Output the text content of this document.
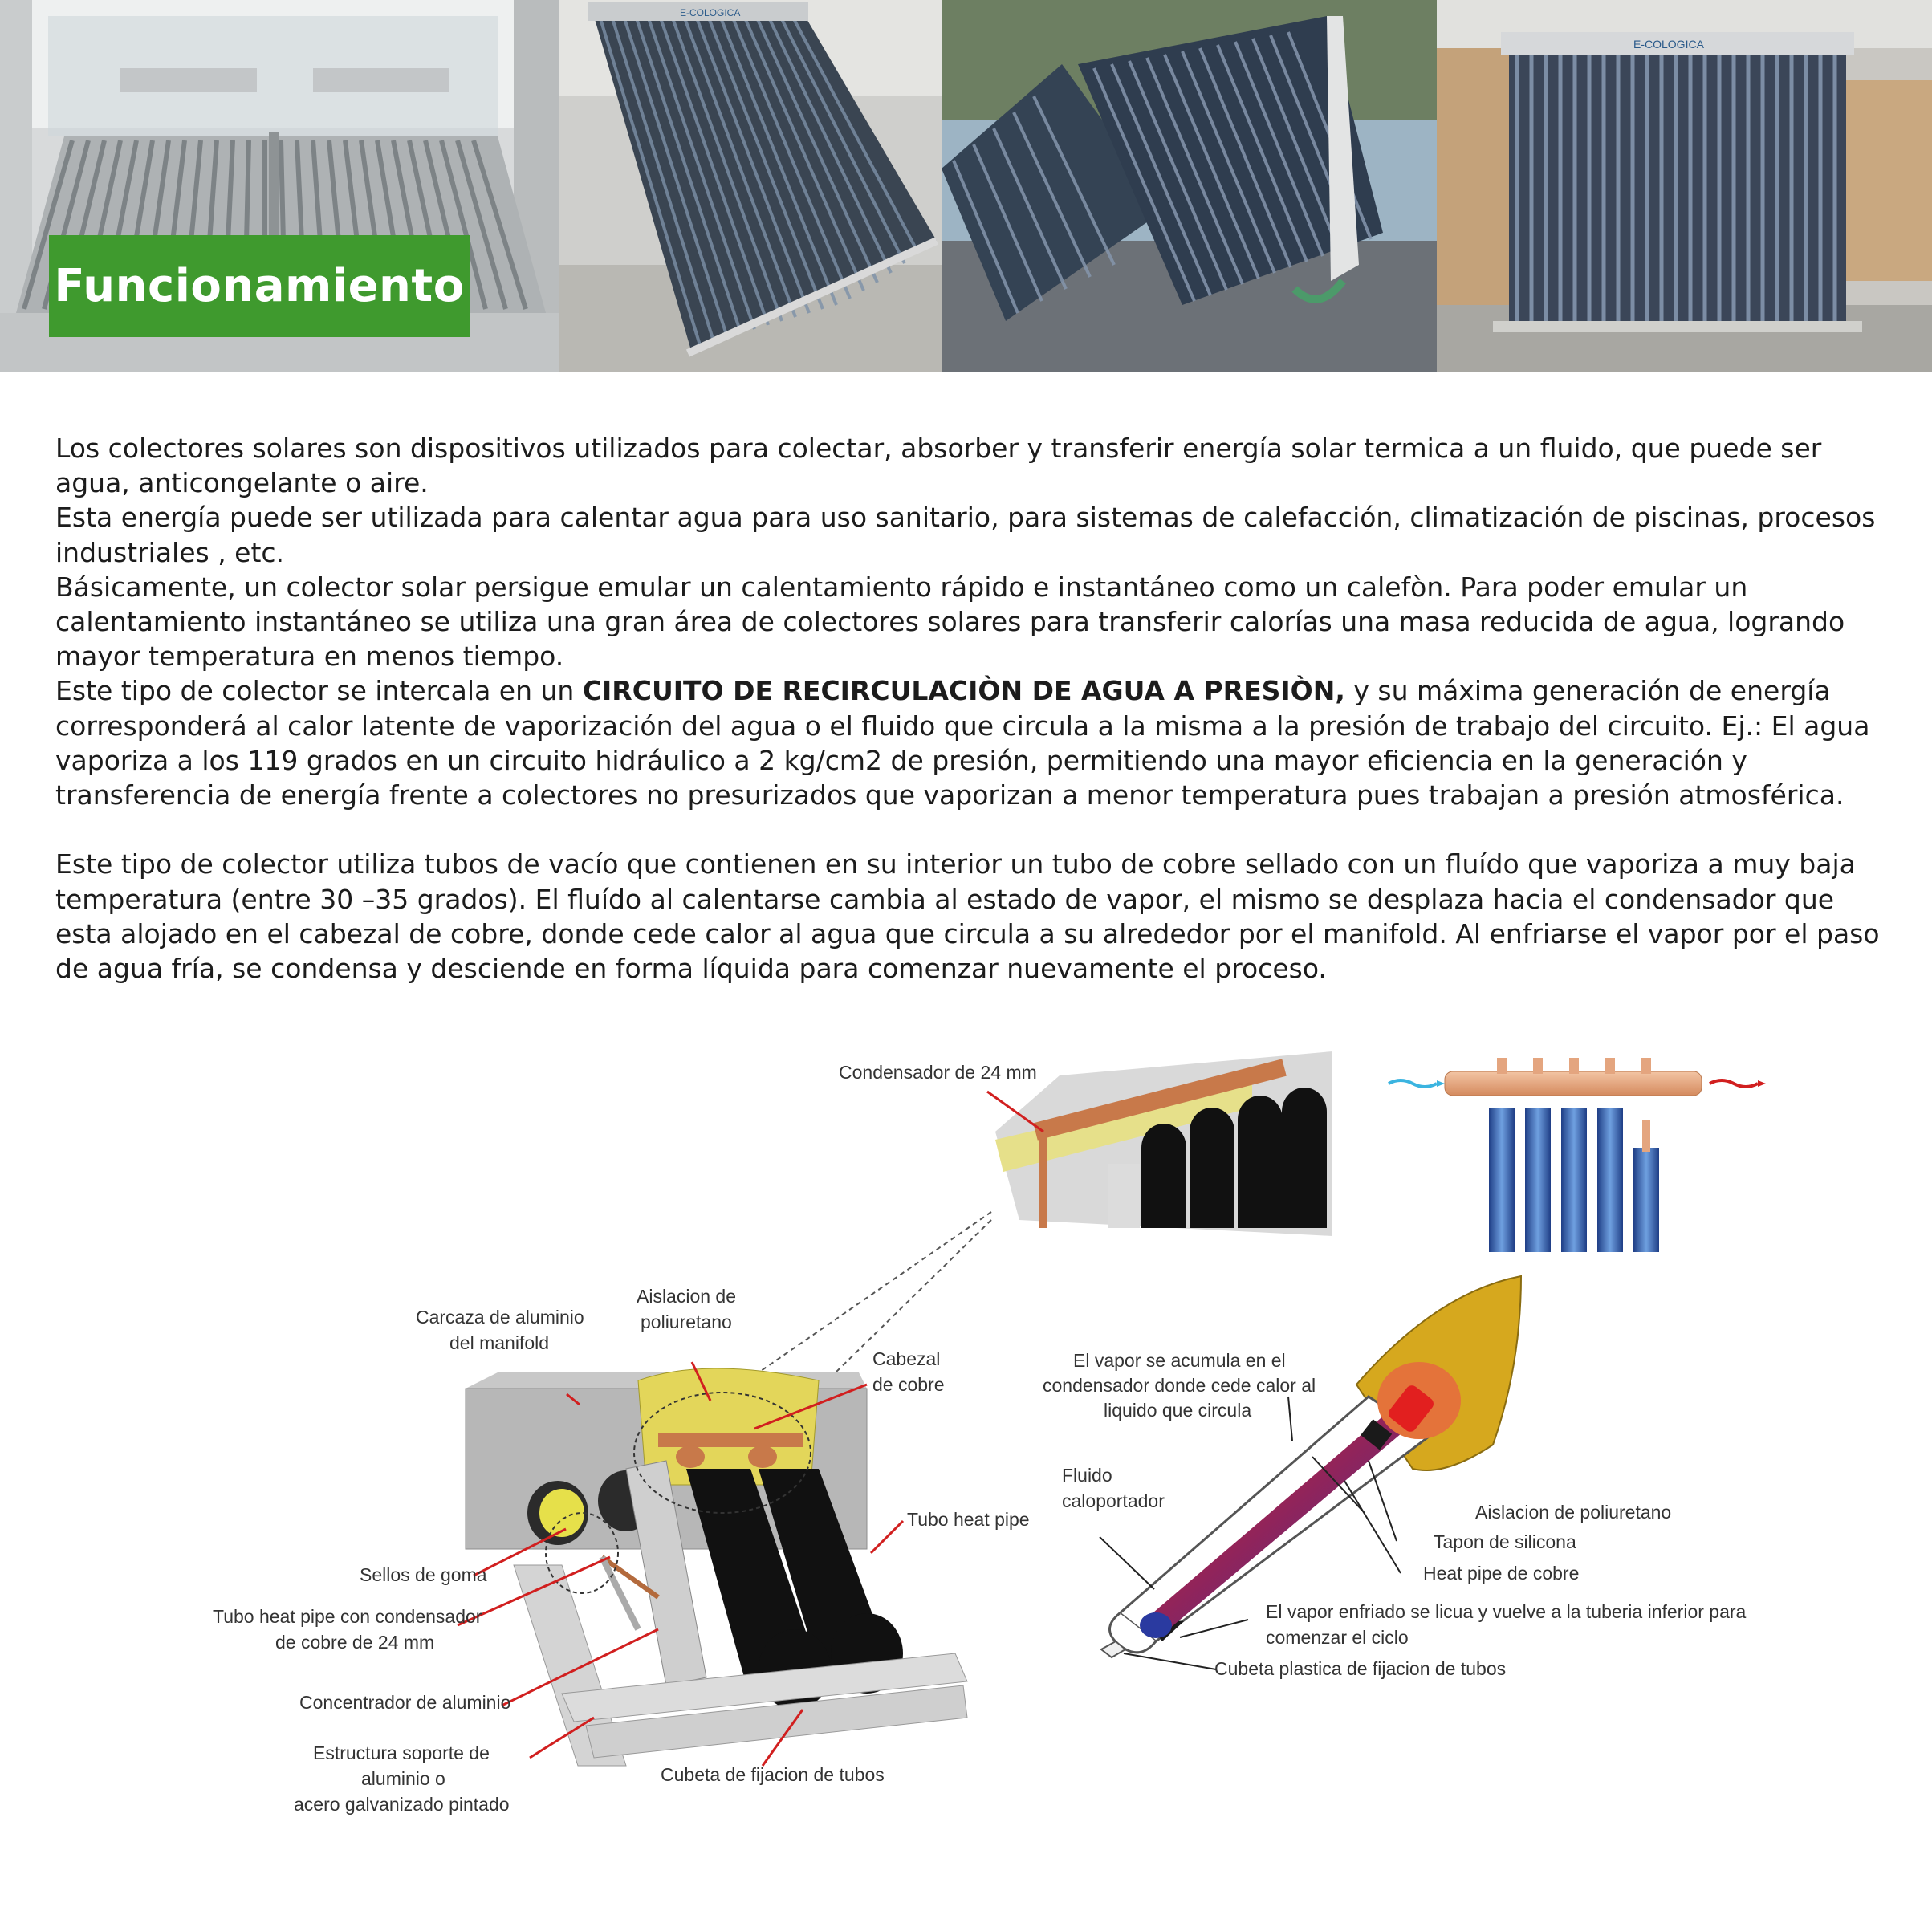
E-COLOGICA
E-COLOGICA
Funcionamiento

Los colectores solares son dispositivos utilizados para colectar, absorber y transferir energía solar termica a un fluido, que puede ser agua, anticongelante o aire.

Esta energía puede ser utilizada para calentar agua para uso sanitario, para sistemas de calefacción, climatización de piscinas, procesos industriales , etc.

Básicamente, un colector solar persigue emular un calentamiento rápido e instantáneo como un calefòn. Para poder emular un calentamiento instantáneo se utiliza una gran área de colectores solares para transferir calorías una masa reducida de agua, logrando mayor temperatura en menos tiempo.

Este tipo de colector se intercala en un CIRCUITO DE RECIRCULACIÒN DE AGUA A PRESIÒN, y su máxima generación de energía corresponderá al calor latente de vaporización del agua o el fluido que circula a la misma a la presión de trabajo del circuito. Ej.: El agua vaporiza a los 119 grados en un circuito hidráulico a 2 kg/cm2 de presión, permitiendo una mayor eficiencia en la generación y transferencia de energía frente a colectores no presurizados que vaporizan a menor temperatura pues trabajan a presión atmosférica.

Este tipo de colector utiliza tubos de vacío que contienen en su interior un tubo de cobre sellado con un fluído que vaporiza a muy baja temperatura (entre 30 –35 grados). El fluído al calentarse cambia al estado de vapor, el mismo se desplaza hacia el condensador que esta alojado en el cabezal de cobre, donde cede calor al agua que circula a su alrededor por el manifold. Al enfriarse el vapor por el paso de agua fría, se condensa y desciende en forma líquida para comenzar nuevamente el proceso.

Condensador de 24 mm
Carcaza de aluminio
del manifold
Aislacion de
poliuretano
Cabezal
de cobre
Tubo heat pipe
Sellos de goma
Tubo heat pipe con condensador
de cobre de 24 mm
Concentrador de aluminio
Estructura soporte de
aluminio o
acero galvanizado pintado
Cubeta de fijacion de tubos
El vapor se acumula en el
condensador donde cede calor al
liquido que circula
Fluido
caloportador
Aislacion de poliuretano
Tapon de silicona
Heat pipe de cobre
El vapor enfriado se licua y vuelve a la tuberia inferior para
comenzar el ciclo
Cubeta plastica de fijacion de tubos
